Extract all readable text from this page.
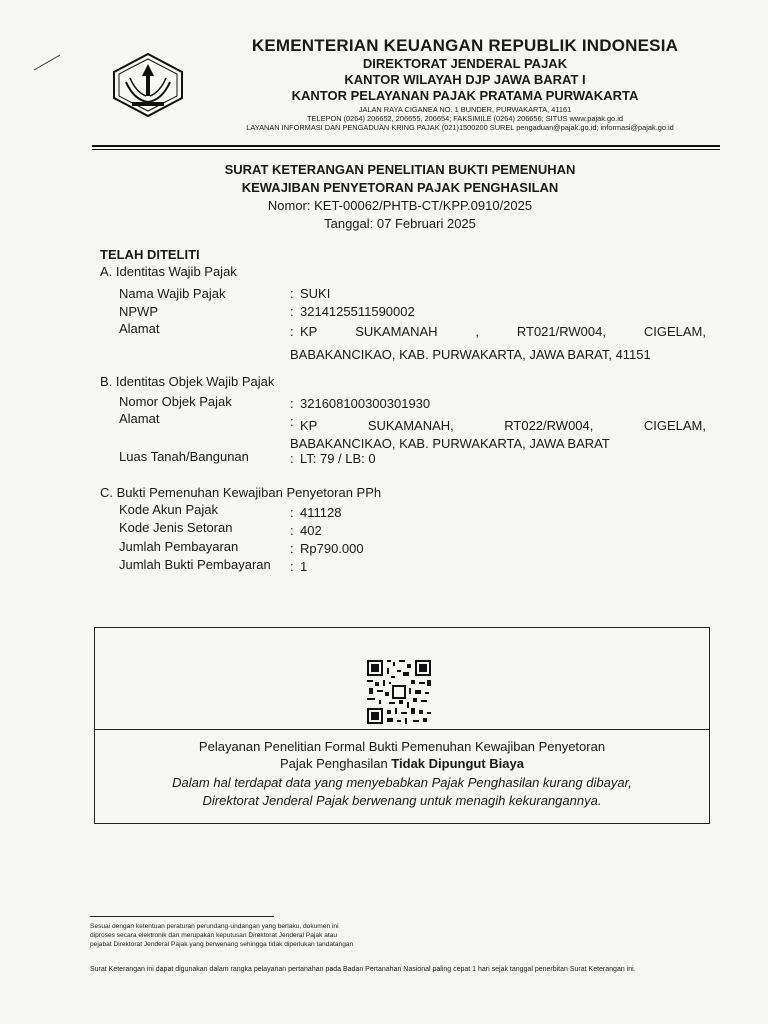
KEMENTERIAN KEUANGAN REPUBLIK INDONESIA
DIREKTORAT JENDERAL PAJAK
KANTOR WILAYAH DJP JAWA BARAT I
KANTOR PELAYANAN PAJAK PRATAMA PURWAKARTA
JALAN RAYA CIGANEA NO. 1 BUNDER, PURWAKARTA, 41161
TELEPON (0264) 206652, 206655, 206654; FAKSIMILE (0264) 206656; SITUS www.pajak.go.id
LAYANAN INFORMASI DAN PENGADUAN KRING PAJAK (021)1500200 SUREL pengaduan@pajak.go.id; informasi@pajak.go.id
SURAT KETERANGAN PENELITIAN BUKTI PEMENUHAN
KEWAJIBAN PENYETORAN PAJAK PENGHASILAN
Nomor: KET-00062/PHTB-CT/KPP.0910/2025
Tanggal: 07 Februari 2025
TELAH DITELITI
A. Identitas Wajib Pajak
Nama Wajib Pajak	: SUKI
NPWP	: 3214125511590002
Alamat	: KP	SUKAMANAH	,	RT021/RW004,	CIGELAM,
BABAKANCIKAO, KAB. PURWAKARTA, JAWA BARAT, 41151
B. Identitas Objek Wajib Pajak
Nomor Objek Pajak	: 321608100300301930
Alamat	: KP	SUKAMANAH,	RT022/RW004,	CIGELAM,
BABAKANCIKAO, KAB. PURWAKARTA, JAWA BARAT
Luas Tanah/Bangunan	: LT: 79 / LB: 0
C. Bukti Pemenuhan Kewajiban Penyetoran PPh
Kode Akun Pajak	: 411128
Kode Jenis Setoran	: 402
Jumlah Pembayaran	: Rp790.000
Jumlah Bukti Pembayaran : 1
Pelayanan Penelitian Formal Bukti Pemenuhan Kewajiban Penyetoran
Pajak Penghasilan Tidak Dipungut Biaya
Dalam hal terdapat data yang menyebabkan Pajak Penghasilan kurang dibayar,
Direktorat Jenderal Pajak berwenang untuk menagih kekurangannya.
Sesuai dengan ketentuan peraturan perundang-undangan yang berlaku, dokumen ini
diproses secara elektronik dan merupakan keputusan Direktorat Jenderal Pajak atau
pejabat Direktorat Jenderal Pajak yang berwenang sehingga tidak diperlukan tandatangan
Surat Keterangan ini dapat digunakan dalam rangka pelayanan pertanahan pada Badan Pertanahan Nasional paling cepat 1 hari sejak tanggal penerbitan Surat Keterangan ini.
